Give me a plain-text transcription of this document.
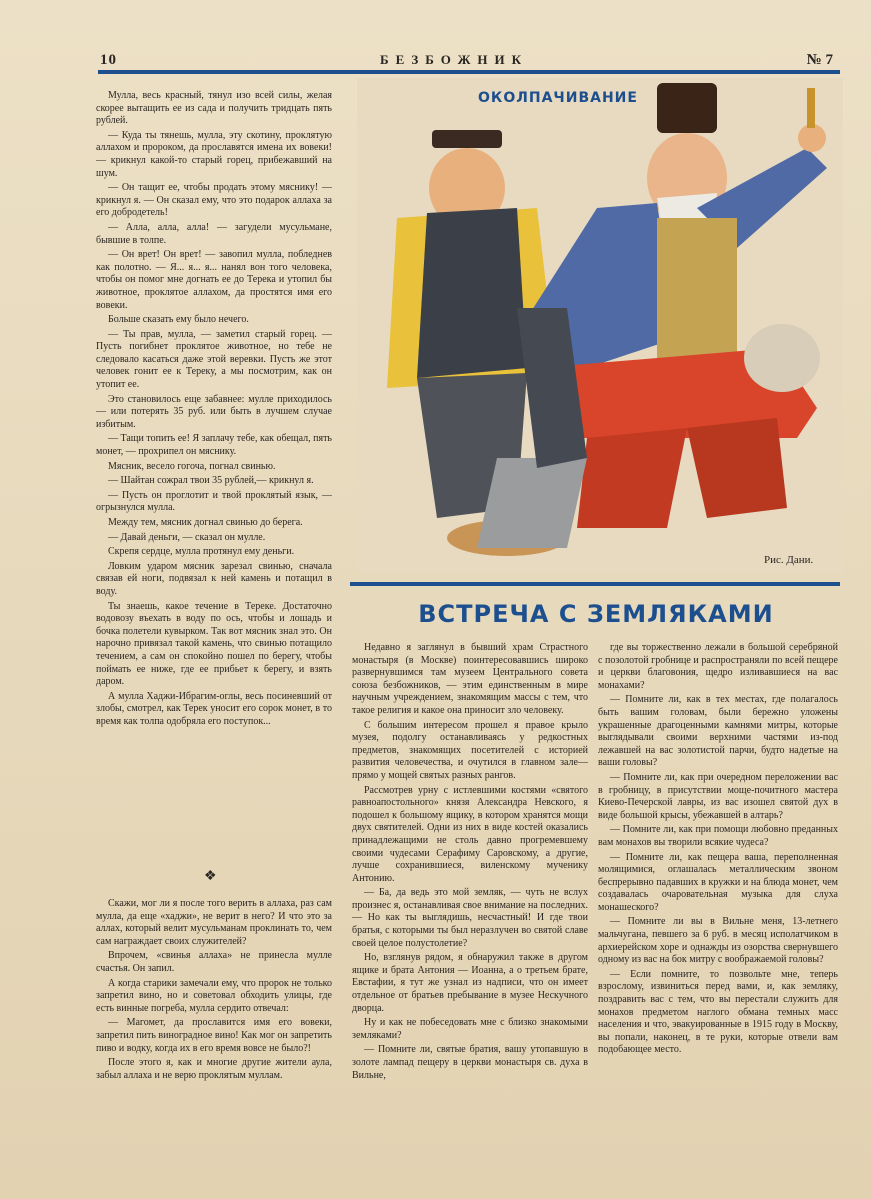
10	БЕЗБОЖНИК	№ 7

Мулла, весь красный, тянул изо всей силы, желая скорее вытащить ее из сада и получить тридцать пять рублей.

— Куда ты тянешь, мулла, эту скотину, проклятую аллахом и пророком, да прославятся имена их вовеки! — крикнул какой-то старый горец, прибежавший на шум.

— Он тащит ее, чтобы продать этому мяснику! — крикнул я. — Он сказал ему, что это подарок аллаха за его добродетель!

— Алла, алла, алла! — загудели мусульмане, бывшие в толпе.

— Он врет! Он врет! — завопил мулла, побледнев как полотно. — Я... я... я... нанял вон того человека, чтобы он помог мне догнать ее до Терека и утопил бы животное, проклятое аллахом, да простятся имя его вовеки.

Больше сказать ему было нечего.

— Ты прав, мулла, — заметил старый горец. — Пусть погибнет проклятое животное, но тебе не следовало касаться даже этой веревки. Пусть же этот человек гонит ее к Тереку, а мы посмотрим, как он утопит ее.

Это становилось еще забавнее: мулле приходилось — или потерять 35 руб. или быть в лучшем случае избитым.

— Тащи топить ее! Я заплачу тебе, как обещал, пять монет, — прохрипел он мяснику.

Мясник, весело гогоча, погнал свинью.

— Шайтан сожрал твои 35 рублей,— крикнул я.

— Пусть он проглотит и твой проклятый язык, — огрызнулся мулла.

Между тем, мясник догнал свинью до берега.

— Давай деньги, — сказал он мулле.

Скрепя сердце, мулла протянул ему деньги.

Ловким ударом мясник зарезал свинью, сначала связав ей ноги, подвязал к ней камень и потащил в воду.

Ты знаешь, какое течение в Тереке. Достаточно водовозу въехать в воду по ось, чтобы и лошадь и бочка полетели кувырком. Так вот мясник знал это. Он нарочно привязал такой камень, что свинью потащило течением, а сам он спокойно пошел по берегу, чтобы поймать ее ниже, где ее прибьет к берегу, и взять даром.

А мулла Хаджи-Ибрагим-оглы, весь посиневший от злобы, смотрел, как Терек уносит его сорок монет, в то время как толпа одобряла его поступок...

❖

Скажи, мог ли я после того верить в аллаха, раз сам мулла, да еще «хаджи», не верит в него? И что это за аллах, который велит мусульманам проклинать то, чем сам награждает своих служителей?

Впрочем, «свинья аллаха» не принесла мулле счастья. Он запил.

А когда старики замечали ему, что пророк не только запретил вино, но и советовал обходить улицы, где есть винные погреба, мулла сердито отвечал:

— Магомет, да прославится имя его вовеки, запретил пить виноградное вино! Как мог он запретить пиво и водку, когда их в его время вовсе не было?!

После этого я, как и многие другие жители аула, забыл аллаха и не верю проклятым муллам.

ОКОЛПАЧИВАНИЕ
Рис. Дани.
ВСТРЕЧА С ЗЕМЛЯКАМИ

Недавно я заглянул в бывший храм Страстного монастыря (в Москве) поинтересовавшись широко развернувшимся там музеем Центрального совета союза безбожников, — этим единственным в мире научным учреждением, знакомящим массы с тем, что такое религия и какое она приносит зло человеку.

С большим интересом прошел я правое крыло музея, подолгу останавливаясь у редкостных предметов, знакомящих посетителей с историей развития человечества, и очутился в главном зале—прямо у мощей святых разных рангов.

Рассмотрев урну с истлевшими костями «святого равноапостольного» князя Александра Невского, я подошел к большому ящику, в котором хранятся мощи двух святителей. Одни из них в виде костей оказались принадлежащими не столь давно прогремевшему своими чудесами Серафиму Саровскому, а другие, лучше сохранившиеся, виленскому мученику Антонию.

— Ба, да ведь это мой земляк, — чуть не вслух произнес я, останавливая свое внимание на последних. — Но как ты выглядишь, несчастный! И где твои братья, с которыми ты был неразлучен во святой славе своей целое полустолетие?

Но, взглянув рядом, я обнаружил также в другом ящике и брата Антония — Иоанна, а о третьем брате, Евстафии, я тут же узнал из надписи, что он имеет отдельное от братьев пребывание в музее Нескучного дворца.

Ну и как не побеседовать мне с близко знакомыми земляками?

— Помните ли, святые братия, вашу утопавшую в золоте лампад пещеру в церкви монастыря св. духа в Вильне,

где вы торжественно лежали в большой серебряной с позолотой гробнице и распространяли по всей пещере и церкви благовония, щедро изливавшиеся на вас монахами?

— Помните ли, как в тех местах, где полагалось быть вашим головам, были бережно уложены украшенные драгоценными камнями митры, которые выглядывали своими верхними частями из-под лежавшей на вас золотистой парчи, будто надетые на ваши головы?

— Помните ли, как при очередном переложении вас в гробницу, в присутствии моще-почитного мастера Киево-Печерской лавры, из вас изошел святой дух в виде большой крысы, убежавшей в алтарь?

— Помните ли, как при помощи любовно преданных вам монахов вы творили всякие чудеса?

— Помните ли, как пещера ваша, переполненная молящимися, оглашалась металлическим звоном беспрерывно падавших в кружки и на блюда монет, чем создавалась очаровательная музыка для слуха монашеского?

— Помните ли вы в Вильне меня, 13-летнего мальчугана, певшего за 6 руб. в месяц исполатчиком в архиерейском хоре и однажды из озорства свернувшего одному из вас на бок митру с воображаемой головы?

— Если помните, то позвольте мне, теперь взрослому, извиниться перед вами, и, как земляку, поздравить вас с тем, что вы перестали служить для монахов предметом наглого обмана темных масс населения и что, эвакуированные в 1915 году в Москву, вы попали, наконец, в те руки, которые отвели вам подобающее место.
